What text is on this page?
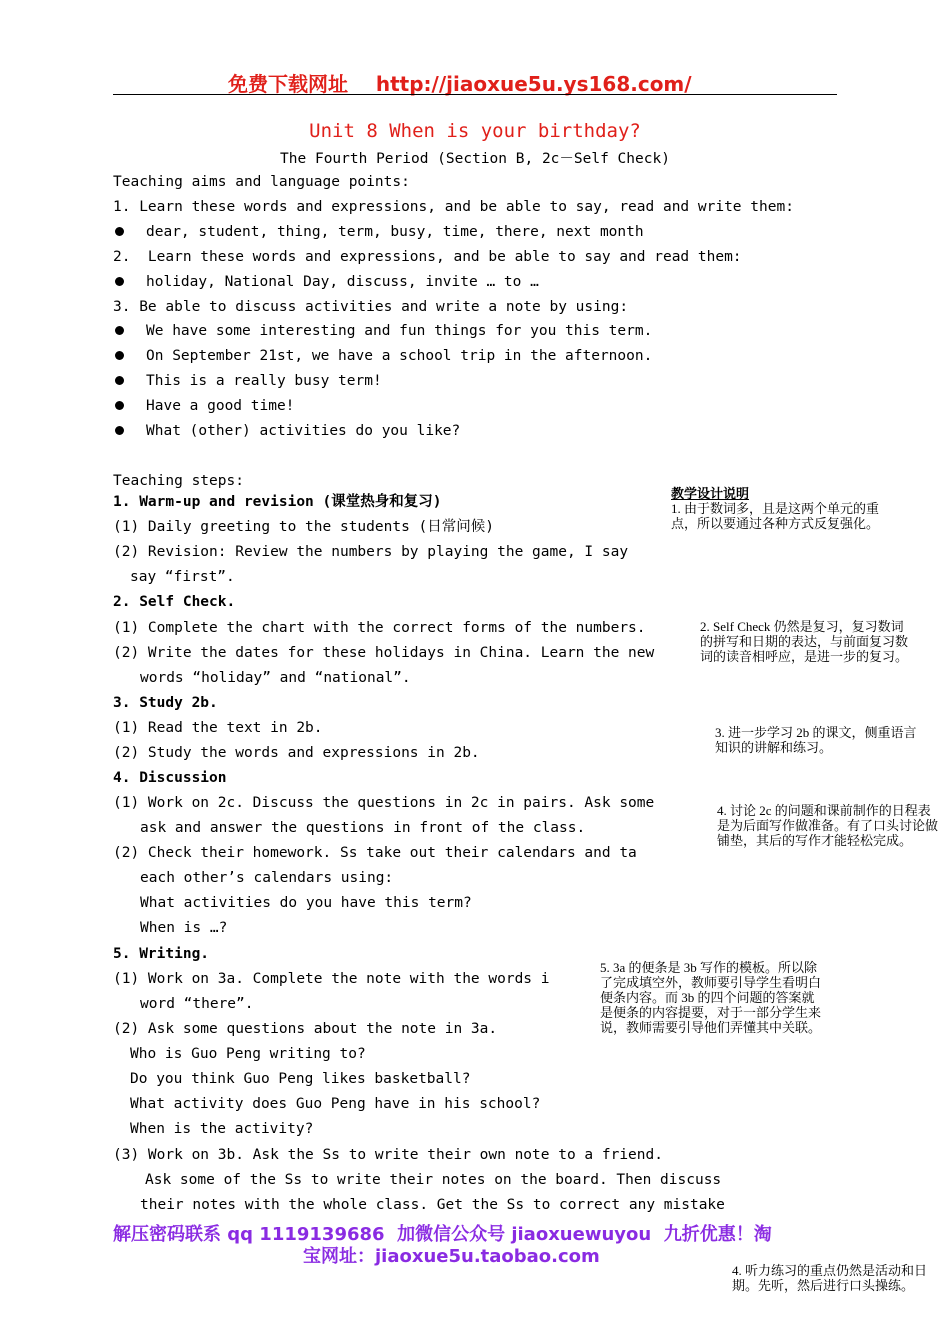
免费下载网址 http://jiaoxue5u.ys168.com/
Unit 8 When is your birthday?
The Fourth Period (Section B, 2c－Self Check)
Teaching aims and language points:
1. Learn these words and expressions, and be able to say, read and write them:
dear, student, thing, term, busy, time, there, next month
2.  Learn these words and expressions, and be able to say and read them:
holiday, National Day, discuss, invite … to …
3. Be able to discuss activities and write a note by using:
We have some interesting and fun things for you this term.
On September 21st, we have a school trip in the afternoon.
This is a really busy term!
Have a good time!
What (other) activities do you like?
Teaching steps:
1. Warm-up and revision (课堂热身和复习)
(1) Daily greeting to the students (日常问候)
(2) Revision: Review the numbers by playing the game, I say
say “first”.
2. Self Check.
(1) Complete the chart with the correct forms of the numbers.
(2) Write the dates for these holidays in China. Learn the new
words “holiday” and “national”.
3. Study 2b.
(1) Read the text in 2b.
(2) Study the words and expressions in 2b.
4. Discussion
(1) Work on 2c. Discuss the questions in 2c in pairs. Ask some
ask and answer the questions in front of the class.
(2) Check their homework. Ss take out their calendars and ta
each other’s calendars using:
What activities do you have this term?
When is …?
5. Writing.
(1) Work on 3a. Complete the note with the words i
word “there”.
(2) Ask some questions about the note in 3a.
Who is Guo Peng writing to?
Do you think Guo Peng likes basketball?
What activity does Guo Peng have in his school?
When is the activity?
(3) Work on 3b. Ask the Ss to write their own note to a friend.
Ask some of the Ss to write their notes on the board. Then discuss
their notes with the whole class. Get the Ss to correct any mistake
教学设计说明
1. 由于数词多，且是这两个单元的重点，所以要通过各种方式反复强化。
2. Self Check 仍然是复习，复习数词的拼写和日期的表达，与前面复习数词的读音相呼应，是进一步的复习。
3. 进一步学习 2b 的课文，侧重语言知识的讲解和练习。
4. 讨论 2c 的问题和课前制作的日程表是为后面写作做准备。有了口头讨论做铺垫，其后的写作才能轻松完成。
5. 3a 的便条是 3b 写作的模板。所以除了完成填空外，教师要引导学生看明白便条内容。而 3b 的四个问题的答案就是便条的内容提要，对于一部分学生来说，教师需要引导他们弄懂其中关联。
4. 听力练习的重点仍然是活动和日期。先听，然后进行口头操练。
解压密码联系 qq 1119139686  加微信公众号 jiaoxuewuyou  九折优惠！淘
宝网址：jiaoxue5u.taobao.com
